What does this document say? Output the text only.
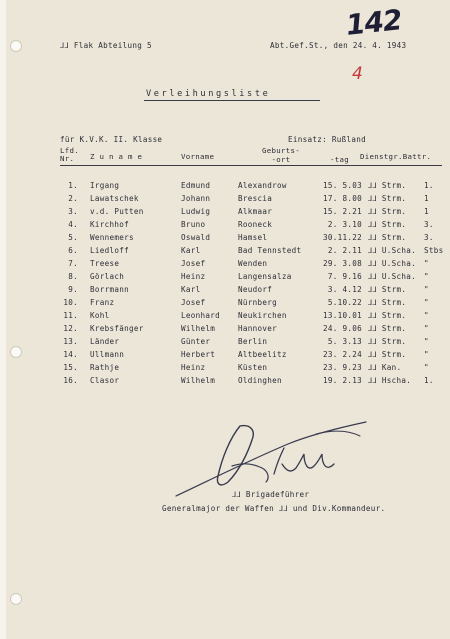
⅃⅃ Flak Abteilung 5	Abt.Gef.St., den 24. 4. 1943
142
4
Verleihungsliste
für K.V.K. II. Klasse	Einsatz: Rußland
Lfd.
Nr.	Z u n a m e	Vorname
Geburts-
-ort	-tag Dienstgr.Battr.
1. Irgang	Edmund	Alexandrow	15. 5.03 ⅃⅃ Strm. 1.
2. Lawatschek	Johann	Brescia	17. 8.00 ⅃⅃ Strm. 1
3. v.d. Putten	Ludwig	Alkmaar	15. 2.21 ⅃⅃ Strm. 1
4. Kirchhof	Bruno	Rooneck	2. 3.10 ⅃⅃ Strm. 3.
5. Wennemers	Oswald	Hamsel	30.11.22 ⅃⅃ Strm. 3.
6. Liedloff	Karl	Bad Tennstedt	2. 2.11 ⅃⅃ U.Scha. Stbs
7. Treese	Josef	Wenden	29. 3.08 ⅃⅃ U.Scha. "
8. Görlach	Heinz	Langensalza	7. 9.16 ⅃⅃ U.Scha. "
9. Borrmann	Karl	Neudorf	3. 4.12 ⅃⅃ Strm. "
10. Franz	Josef	Nürnberg	5.10.22 ⅃⅃ Strm. "
11. Kohl	Leonhard Neukirchen	13.10.01 ⅃⅃ Strm. "
12. Krebsfänger	Wilhelm	Hannover	24. 9.06 ⅃⅃ Strm. "
13. Länder	Günter	Berlin	5. 3.13 ⅃⅃ Strm. "
14. Ullmann	Herbert	Altbeelitz	23. 2.24 ⅃⅃ Strm. "
15. Rathje	Heinz	Küsten	23. 9.23 ⅃⅃ Kan.	"
16. Clasor	Wilhelm	Oldinghen	19. 2.13 ⅃⅃ Hscha. 1.
⅃⅃ Brigadeführer
Generalmajor der Waffen ⅃⅃ und Div.Kommandeur.
